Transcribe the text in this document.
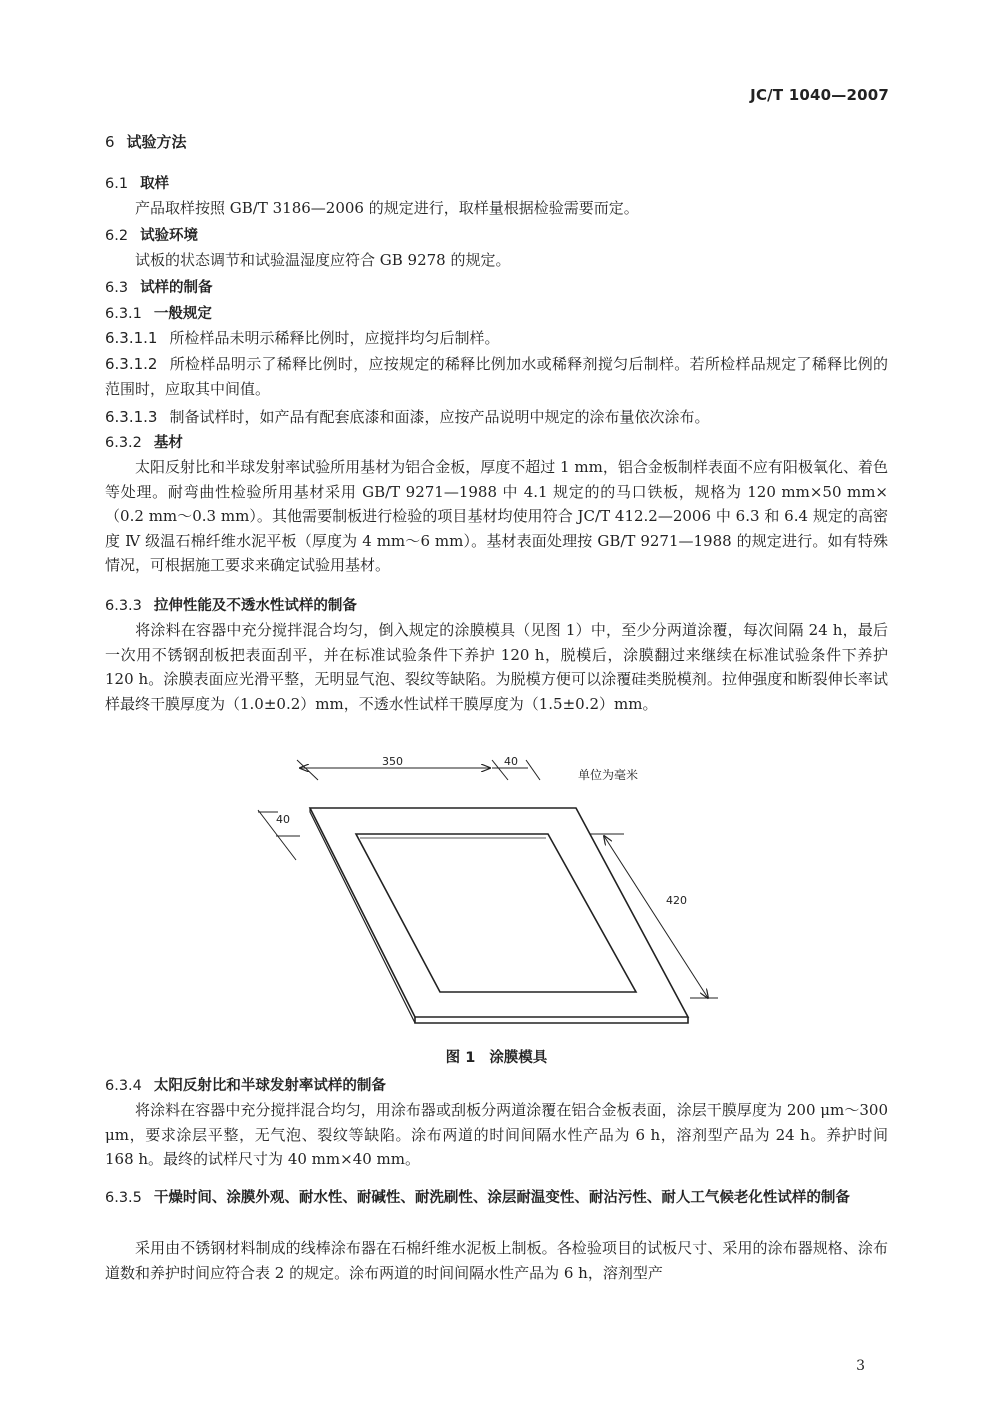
JC/T 1040—2007
6 试验方法
6.1 取样
产品取样按照 GB/T 3186—2006 的规定进行，取样量根据检验需要而定。
6.2 试验环境
试板的状态调节和试验温湿度应符合 GB 9278 的规定。
6.3 试样的制备
6.3.1 一般规定
6.3.1.1 所检样品未明示稀释比例时，应搅拌均匀后制样。
6.3.1.2 所检样品明示了稀释比例时，应按规定的稀释比例加水或稀释剂搅匀后制样。若所检样品规定了稀释比例的范围时，应取其中间值。
6.3.1.3 制备试样时，如产品有配套底漆和面漆，应按产品说明中规定的涂布量依次涂布。
6.3.2 基材
太阳反射比和半球发射率试验所用基材为铝合金板，厚度不超过 1 mm，铝合金板制样表面不应有阳极氧化、着色等处理。耐弯曲性检验所用基材采用 GB/T 9271—1988 中 4.1 规定的的马口铁板，规格为 120 mm×50 mm×（0.2 mm～0.3 mm）。其他需要制板进行检验的项目基材均使用符合 JC/T 412.2—2006 中 6.3 和 6.4 规定的高密度 Ⅳ 级温石棉纤维水泥平板（厚度为 4 mm～6 mm）。基材表面处理按 GB/T 9271—1988 的规定进行。如有特殊情况，可根据施工要求来确定试验用基材。
6.3.3 拉伸性能及不透水性试样的制备
将涂料在容器中充分搅拌混合均匀，倒入规定的涂膜模具（见图 1）中，至少分两道涂覆，每次间隔 24 h，最后一次用不锈钢刮板把表面刮平，并在标准试验条件下养护 120 h，脱模后，涂膜翻过来继续在标准试验条件下养护 120 h。涂膜表面应光滑平整，无明显气泡、裂纹等缺陷。为脱模方便可以涂覆硅类脱模剂。拉伸强度和断裂伸长率试样最终干膜厚度为（1.0±0.2）mm，不透水性试样干膜厚度为（1.5±0.2）mm。
350	40
40
420
单位为毫米
图 1 涂膜模具
6.3.4 太阳反射比和半球发射率试样的制备
将涂料在容器中充分搅拌混合均匀，用涂布器或刮板分两道涂覆在铝合金板表面，涂层干膜厚度为 200 μm～300 μm，要求涂层平整，无气泡、裂纹等缺陷。涂布两道的时间间隔水性产品为 6 h，溶剂型产品为 24 h。养护时间 168 h。最终的试样尺寸为 40 mm×40 mm。
6.3.5 干燥时间、涂膜外观、耐水性、耐碱性、耐洗刷性、涂层耐温变性、耐沾污性、耐人工气候老化性试样的制备
采用由不锈钢材料制成的线棒涂布器在石棉纤维水泥板上制板。各检验项目的试板尺寸、采用的涂布器规格、涂布道数和养护时间应符合表 2 的规定。涂布两道的时间间隔水性产品为 6 h，溶剂型产
3
